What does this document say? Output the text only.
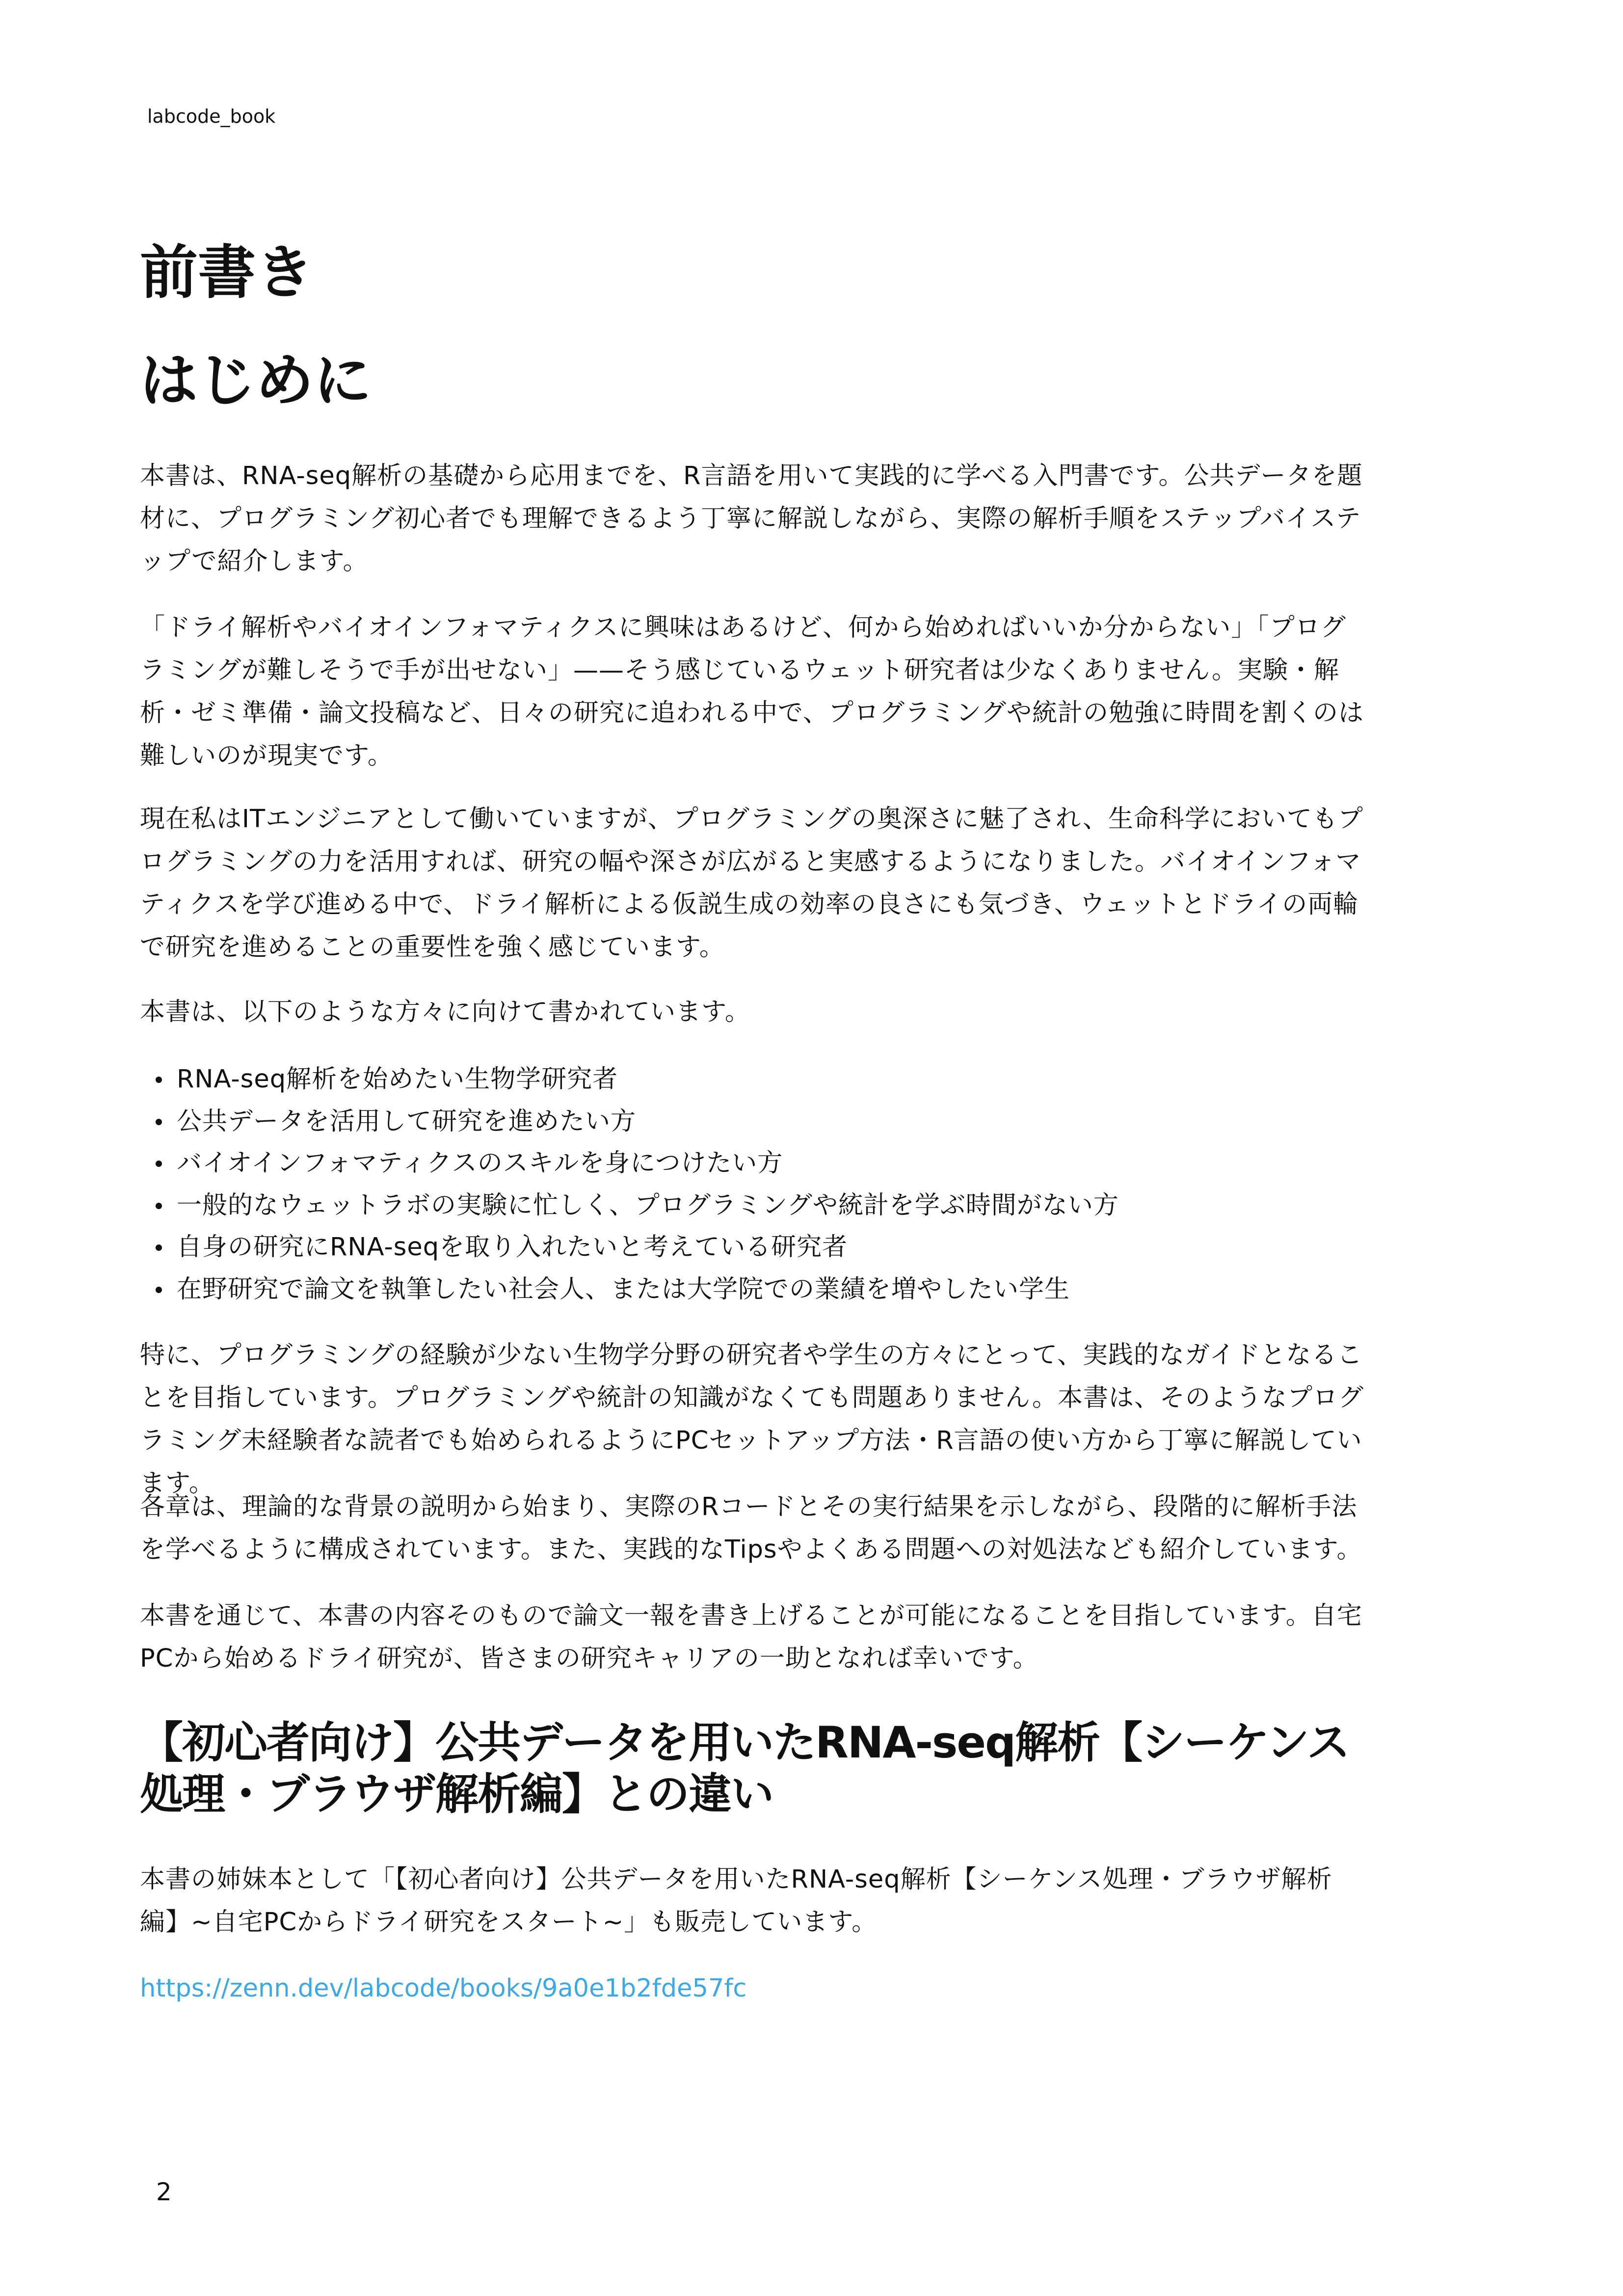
labcode_book
前書き
はじめに

本書は、RNA-seq解析の基礎から応用までを、R言語を用いて実践的に学べる入門書です。公共データを題材に、プログラミング初心者でも理解できるよう丁寧に解説しながら、実際の解析手順をステップバイステップで紹介します。

「ドライ解析やバイオインフォマティクスに興味はあるけど、何から始めればいいか分からない」「プログラミングが難しそうで手が出せない」——そう感じているウェット研究者は少なくありません。実験・解析・ゼミ準備・論文投稿など、日々の研究に追われる中で、プログラミングや統計の勉強に時間を割くのは難しいのが現実です。

現在私はITエンジニアとして働いていますが、プログラミングの奥深さに魅了され、生命科学においてもプログラミングの力を活用すれば、研究の幅や深さが広がると実感するようになりました。バイオインフォマティクスを学び進める中で、ドライ解析による仮説生成の効率の良さにも気づき、ウェットとドライの両輪で研究を進めることの重要性を強く感じています。

本書は、以下のような方々に向けて書かれています。

RNA-seq解析を始めたい生物学研究者
公共データを活用して研究を進めたい方
バイオインフォマティクスのスキルを身につけたい方
一般的なウェットラボの実験に忙しく、プログラミングや統計を学ぶ時間がない方
自身の研究にRNA-seqを取り入れたいと考えている研究者
在野研究で論文を執筆したい社会人、または大学院での業績を増やしたい学生

特に、プログラミングの経験が少ない生物学分野の研究者や学生の方々にとって、実践的なガイドとなることを目指しています。プログラミングや統計の知識がなくても問題ありません。本書は、そのようなプログラミング未経験者な読者でも始められるようにPCセットアップ方法・R言語の使い方から丁寧に解説しています。

各章は、理論的な背景の説明から始まり、実際のRコードとその実行結果を示しながら、段階的に解析手法を学べるように構成されています。また、実践的なTipsやよくある問題への対処法なども紹介しています。

本書を通じて、本書の内容そのもので論文一報を書き上げることが可能になることを目指しています。自宅PCから始めるドライ研究が、皆さまの研究キャリアの一助となれば幸いです。

【初心者向け】公共データを用いたRNA-seq解析【シーケンス処理・ブラウザ解析編】との違い

本書の姉妹本として「【初心者向け】公共データを用いたRNA-seq解析【シーケンス処理・ブラウザ解析編】~自宅PCからドライ研究をスタート~」も販売しています。

https://zenn.dev/labcode/books/9a0e1b2fde57fc
2
